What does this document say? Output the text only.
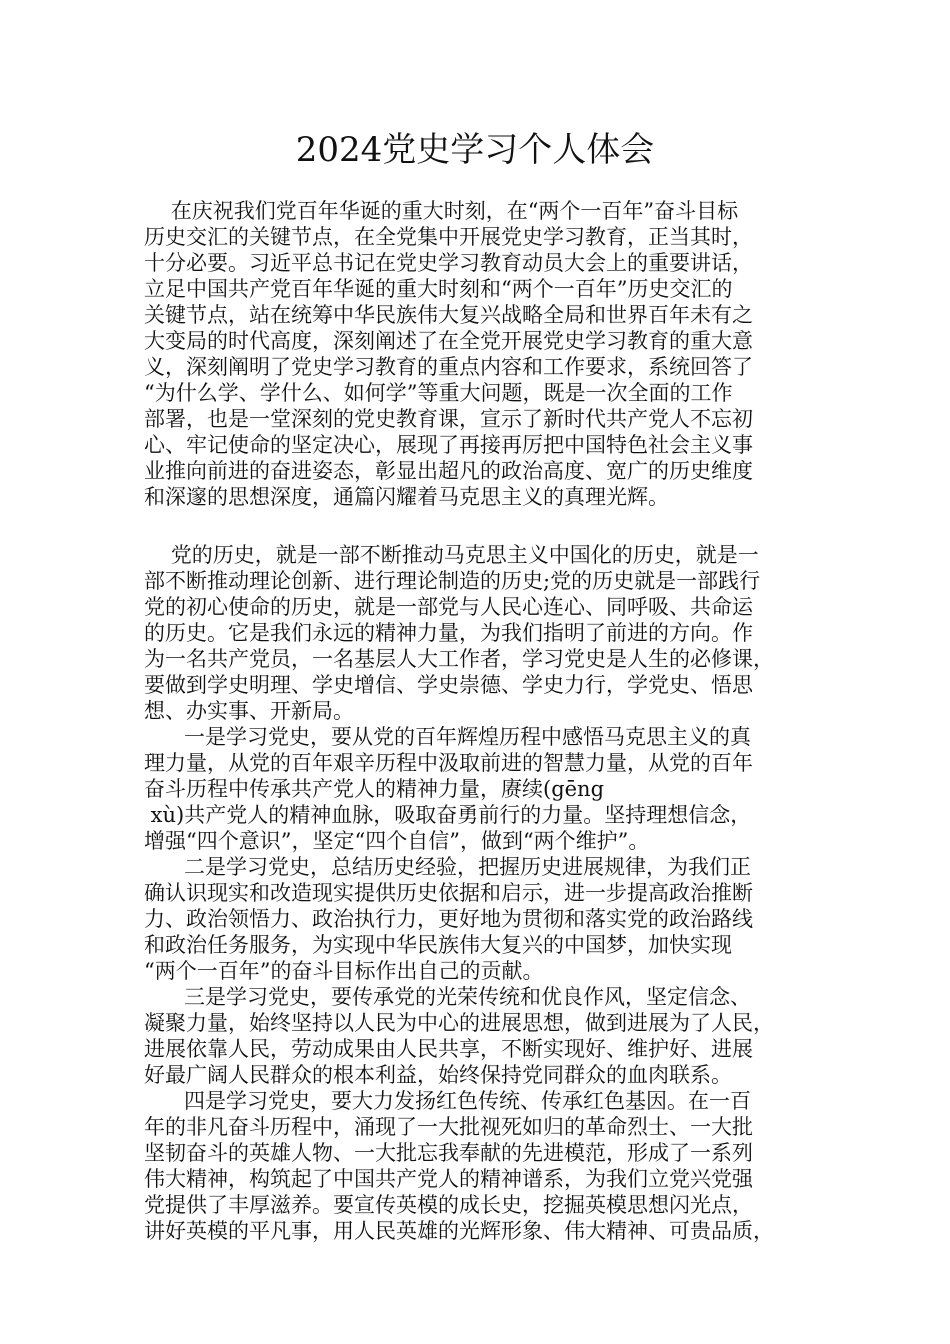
2024党史学习个人体会
在庆祝我们党百年华诞的重大时刻，在“两个一百年”奋斗目标
历史交汇的关键节点，在全党集中开展党史学习教育，正当其时，
十分必要。习近平总书记在党史学习教育动员大会上的重要讲话，
立足中国共产党百年华诞的重大时刻和“两个一百年”历史交汇的
关键节点，站在统筹中华民族伟大复兴战略全局和世界百年未有之
大变局的时代高度，深刻阐述了在全党开展党史学习教育的重大意
义，深刻阐明了党史学习教育的重点内容和工作要求，系统回答了
“为什么学、学什么、如何学”等重大问题，既是一次全面的工作
部署，也是一堂深刻的党史教育课，宣示了新时代共产党人不忘初
心、牢记使命的坚定决心，展现了再接再厉把中国特色社会主义事
业推向前进的奋进姿态，彰显出超凡的政治高度、宽广的历史维度
和深邃的思想深度，通篇闪耀着马克思主义的真理光辉。
党的历史，就是一部不断推动马克思主义中国化的历史，就是一
部不断推动理论创新、进行理论制造的历史;党的历史就是一部践行
党的初心使命的历史，就是一部党与人民心连心、同呼吸、共命运
的历史。它是我们永远的精神力量，为我们指明了前进的方向。作
为一名共产党员，一名基层人大工作者，学习党史是人生的必修课，
要做到学史明理、学史增信、学史崇德、学史力行，学党史、悟思
想、办实事、开新局。
一是学习党史，要从党的百年辉煌历程中感悟马克思主义的真
理力量，从党的百年艰辛历程中汲取前进的智慧力量，从党的百年
奋斗历程中传承共产党人的精神力量，赓续(gēng
xù)共产党人的精神血脉，吸取奋勇前行的力量。坚持理想信念，
增强“四个意识”，坚定“四个自信”，做到“两个维护”。
二是学习党史，总结历史经验，把握历史进展规律，为我们正
确认识现实和改造现实提供历史依据和启示，进一步提高政治推断
力、政治领悟力、政治执行力，更好地为贯彻和落实党的政治路线
和政治任务服务，为实现中华民族伟大复兴的中国梦，加快实现
“两个一百年”的奋斗目标作出自己的贡献。
三是学习党史，要传承党的光荣传统和优良作风，坚定信念、
凝聚力量，始终坚持以人民为中心的进展思想，做到进展为了人民，
进展依靠人民，劳动成果由人民共享，不断实现好、维护好、进展
好最广阔人民群众的根本利益，始终保持党同群众的血肉联系。
四是学习党史，要大力发扬红色传统、传承红色基因。在一百
年的非凡奋斗历程中，涌现了一大批视死如归的革命烈士、一大批
坚韧奋斗的英雄人物、一大批忘我奉献的先进模范，形成了一系列
伟大精神，构筑起了中国共产党人的精神谱系，为我们立党兴党强
党提供了丰厚滋养。要宣传英模的成长史，挖掘英模思想闪光点，
讲好英模的平凡事，用人民英雄的光辉形象、伟大精神、可贵品质，
